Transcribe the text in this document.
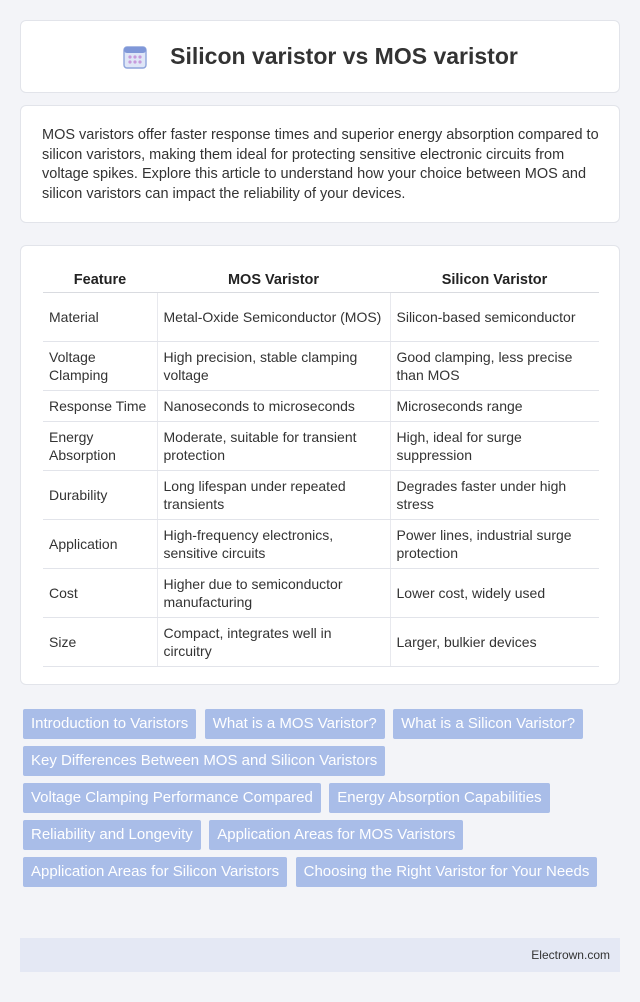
Silicon varistor vs MOS varistor

MOS varistors offer faster response times and superior energy absorption compared to silicon varistors, making them ideal for protecting sensitive electronic circuits from voltage spikes. Explore this article to understand how your choice between MOS and silicon varistors can impact the reliability of your devices.

Feature	MOS Varistor	Silicon Varistor
Material	Metal-Oxide Semiconductor (MOS)	Silicon-based semiconductor
Voltage Clamping	High precision, stable clamping voltage	Good clamping, less precise than MOS
Response Time	Nanoseconds to microseconds	Microseconds range
Energy Absorption	Moderate, suitable for transient protection	High, ideal for surge suppression
Durability	Long lifespan under repeated transients	Degrades faster under high stress
Application	High-frequency electronics, sensitive circuits	Power lines, industrial surge protection
Cost	Higher due to semiconductor manufacturing	Lower cost, widely used
Size	Compact, integrates well in circuitry	Larger, bulkier devices
Introduction to Varistors What is a MOS Varistor? What is a Silicon Varistor? Key Differences Between MOS and Silicon Varistors Voltage Clamping Performance Compared Energy Absorption Capabilities Reliability and Longevity Application Areas for MOS Varistors Application Areas for Silicon Varistors Choosing the Right Varistor for Your Needs
Electrown.com
